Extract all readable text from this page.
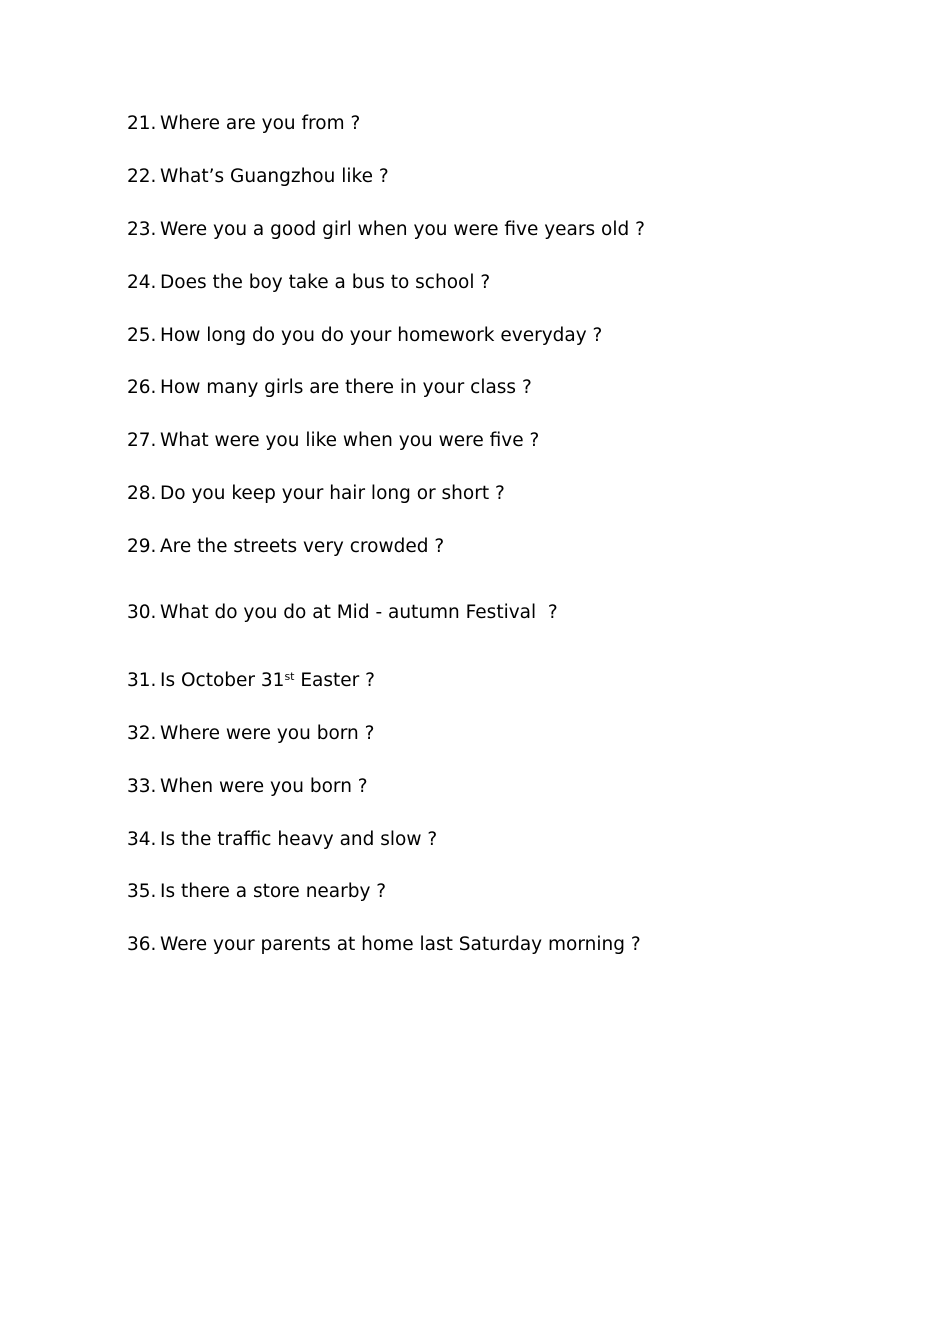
21. Where are you from ?
22. What’s Guangzhou like ?
23. Were you a good girl when you were five years old ?
24. Does the boy take a bus to school ?
25. How long do you do your homework everyday ?
26. How many girls are there in your class ?
27. What were you like when you were five ?
28. Do you keep your hair long or short ?
29. Are the streets very crowded ?
30. What do you do at Mid - autumn Festival  ?
31. Is October 31st Easter ?
32. Where were you born ?
33. When were you born ?
34. Is the traffic heavy and slow ?
35. Is there a store nearby ?
36. Were your parents at home last Saturday morning ?
